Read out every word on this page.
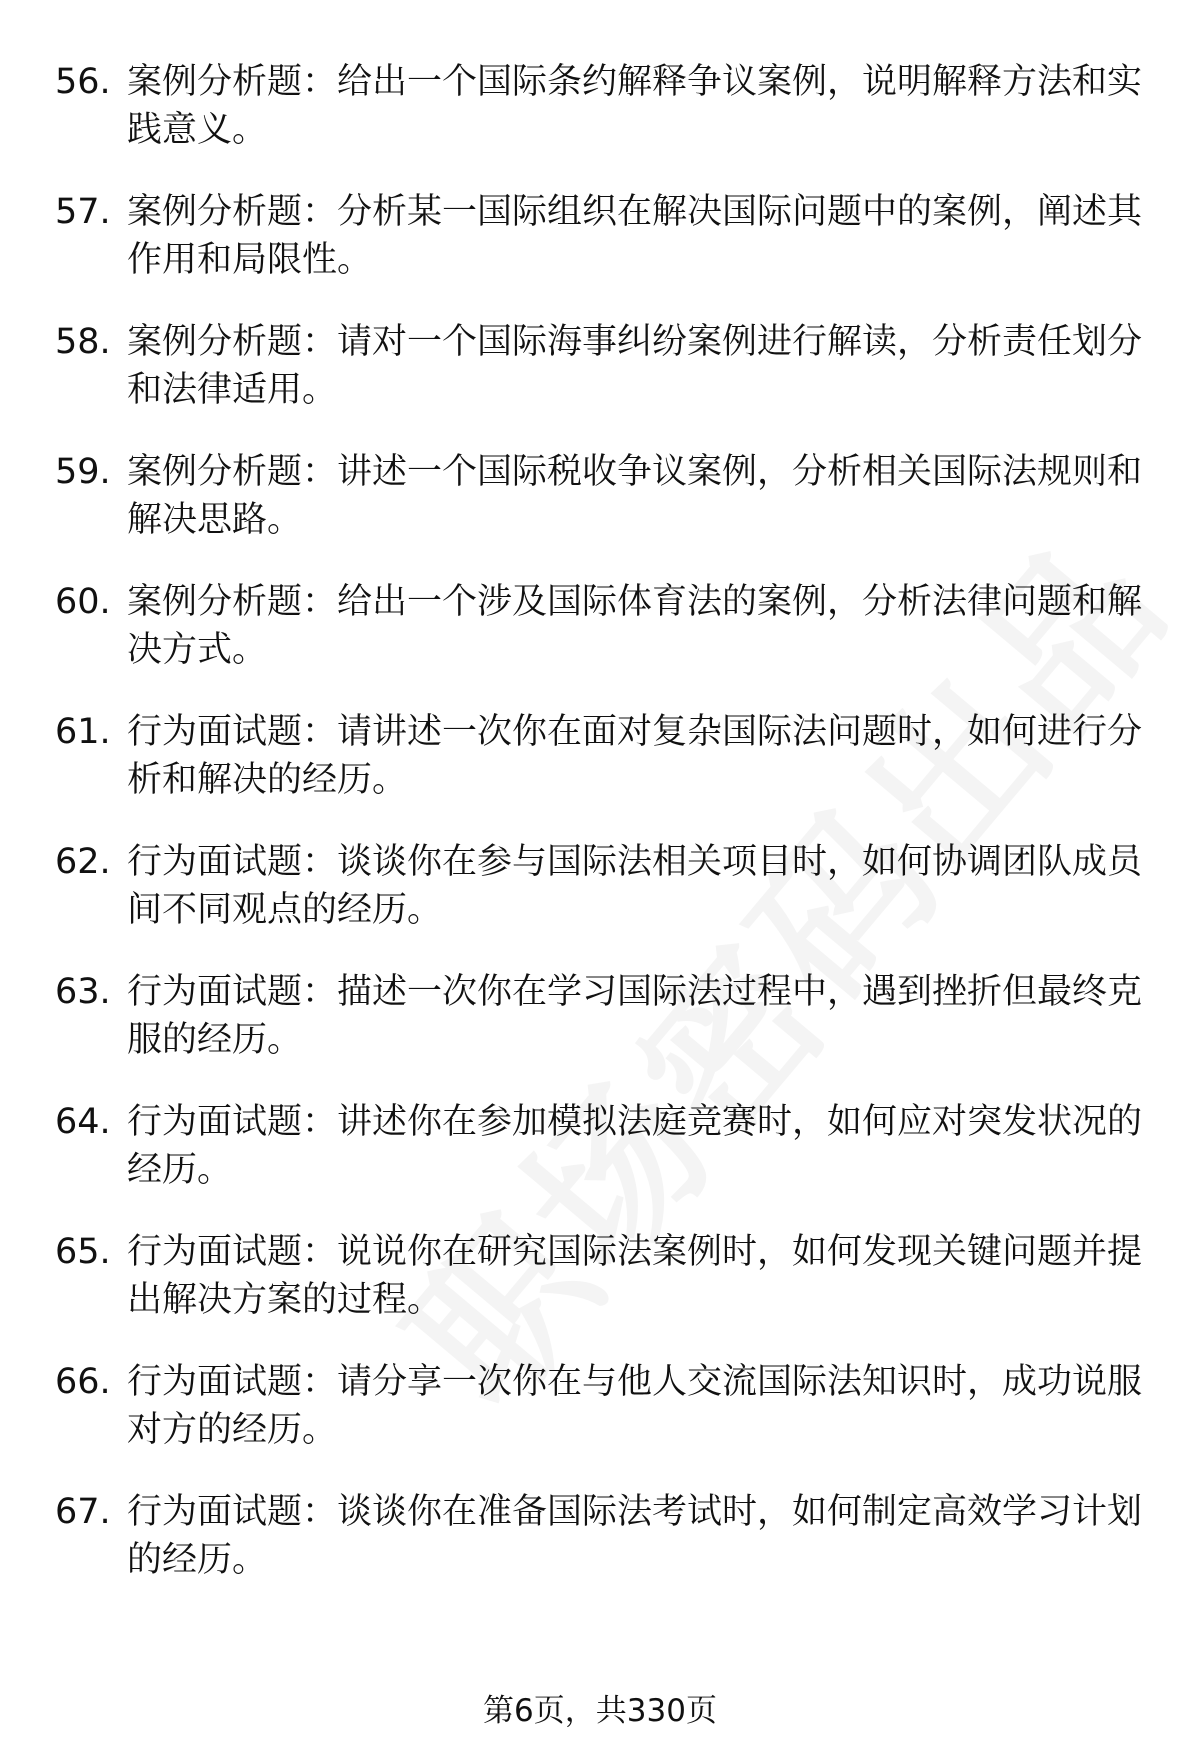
56. 案例分析题：给出一个国际条约解释争议案例，说明解释方法和实践意义。
57. 案例分析题：分析某一国际组织在解决国际问题中的案例，阐述其作用和局限性。
58. 案例分析题：请对一个国际海事纠纷案例进行解读，分析责任划分和法律适用。
59. 案例分析题：讲述一个国际税收争议案例，分析相关国际法规则和解决思路。
60. 案例分析题：给出一个涉及国际体育法的案例，分析法律问题和解决方式。
61. 行为面试题：请讲述一次你在面对复杂国际法问题时，如何进行分析和解决的经历。
62. 行为面试题：谈谈你在参与国际法相关项目时，如何协调团队成员间不同观点的经历。
63. 行为面试题：描述一次你在学习国际法过程中，遇到挫折但最终克服的经历。
64. 行为面试题：讲述你在参加模拟法庭竞赛时，如何应对突发状况的经历。
65. 行为面试题：说说你在研究国际法案例时，如何发现关键问题并提出解决方案的过程。
66. 行为面试题：请分享一次你在与他人交流国际法知识时，成功说服对方的经历。
67. 行为面试题：谈谈你在准备国际法考试时，如何制定高效学习计划的经历。
第6页，共330页
